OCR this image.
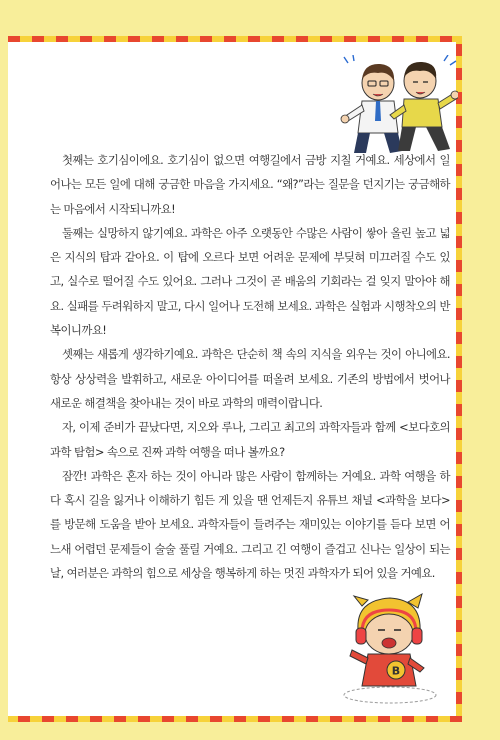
첫째는 호기심이에요. 호기심이 없으면 여행길에서 금방 지칠 거예요. 세상에서 일어나는 모든 일에 대해 궁금한 마음을 가지세요. “왜?”라는 질문을 던지기는 궁금해하는 마음에서 시작되니까요!

둘째는 실망하지 않기예요. 과학은 아주 오랫동안 수많은 사람이 쌓아 올린 높고 넓은 지식의 탑과 같아요. 이 탑에 오르다 보면 어려운 문제에 부딪혀 미끄러질 수도 있고, 실수로 떨어질 수도 있어요. 그러나 그것이 곧 배움의 기회라는 걸 잊지 말아야 해요. 실패를 두려워하지 말고, 다시 일어나 도전해 보세요. 과학은 실험과 시행착오의 반복이니까요!

셋째는 새롭게 생각하기예요. 과학은 단순히 책 속의 지식을 외우는 것이 아니에요. 항상 상상력을 발휘하고, 새로운 아이디어를 떠올려 보세요. 기존의 방법에서 벗어나 새로운 해결책을 찾아내는 것이 바로 과학의 매력이랍니다.

자, 이제 준비가 끝났다면, 지오와 루나, 그리고 최고의 과학자들과 함께 <보다호의 과학 탐험> 속으로 진짜 과학 여행을 떠나 볼까요?

잠깐! 과학은 혼자 하는 것이 아니라 많은 사람이 함께하는 거예요. 과학 여행을 하다 혹시 길을 잃거나 이해하기 힘든 게 있을 땐 언제든지 유튜브 채널 <과학을 보다>를 방문해 도움을 받아 보세요. 과학자들이 들려주는 재미있는 이야기를 듣다 보면 어느새 어렵던 문제들이 술술 풀릴 거예요. 그리고 긴 여행이 즐겁고 신나는 일상이 되는 날, 여러분은 과학의 힘으로 세상을 행복하게 하는 멋진 과학자가 되어 있을 거예요.

B
